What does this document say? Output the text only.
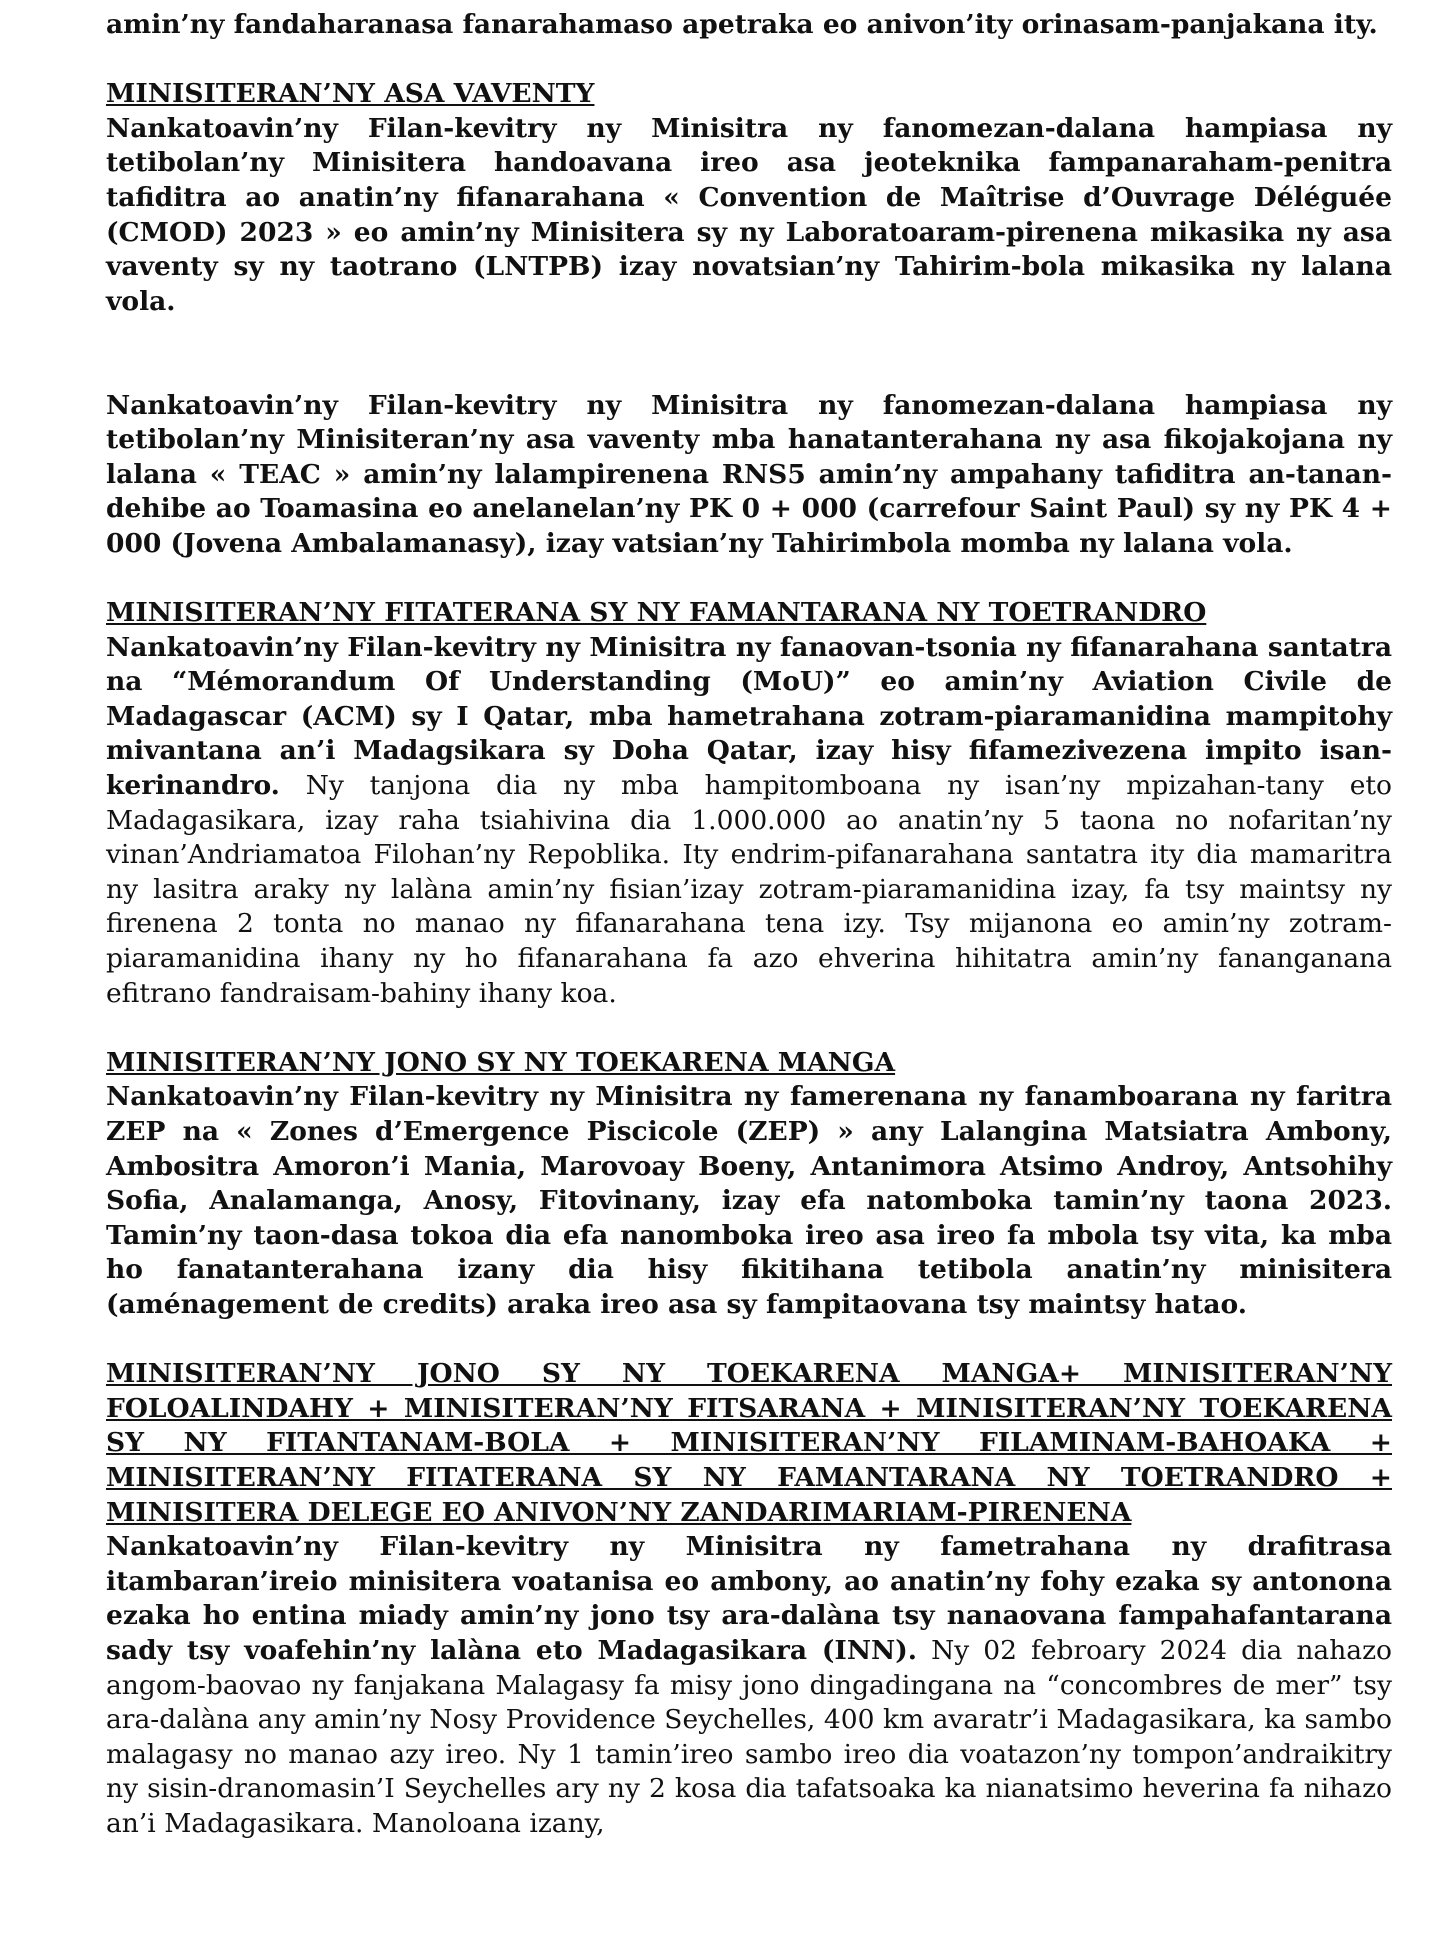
amin’ny fandaharanasa fanarahamaso apetraka eo anivon’ity orinasam-panjakana ity.

MINISITERAN’NY ASA VAVENTY

Nankatoavin’ny Filan-kevitry ny Minisitra ny fanomezan-dalana hampiasa ny tetibolan’ny Minisitera handoavana ireo asa jeoteknika fampanaraham-penitra tafiditra ao anatin’ny fifanarahana « Convention de Maîtrise d’Ouvrage Déléguée (CMOD) 2023 » eo amin’ny Minisitera sy ny Laboratoaram-pirenena mikasika ny asa vaventy sy ny taotrano (LNTPB) izay novatsian’ny Tahirim-bola mikasika ny lalana vola.

Nankatoavin’ny Filan-kevitry ny Minisitra ny fanomezan-dalana hampiasa ny tetibolan’ny Minisiteran’ny asa vaventy mba hanatanterahana ny asa fikojakojana ny lalana « TEAC » amin’ny lalampirenena RNS5 amin’ny ampahany tafiditra an-tanan-dehibe ao Toamasina eo anelanelan’ny PK 0 + 000 (carrefour Saint Paul) sy ny PK 4 + 000 (Jovena Ambalamanasy), izay vatsian’ny Tahirimbola momba ny lalana vola.

MINISITERAN’NY FITATERANA SY NY FAMANTARANA NY TOETRANDRO

Nankatoavin’ny Filan-kevitry ny Minisitra ny fanaovan-tsonia ny fifanarahana santatra na “Mémorandum Of Understanding (MoU)” eo amin’ny Aviation Civile de Madagascar (ACM) sy I Qatar, mba hametrahana zotram-piaramanidina mampitohy mivantana an’i Madagsikara sy Doha Qatar, izay hisy fifamezivezena impito isan-kerinandro. Ny tanjona dia ny mba hampitomboana ny isan’ny mpizahan-tany eto Madagasikara, izay raha tsiahivina dia 1.000.000 ao anatin’ny 5 taona no nofaritan’ny vinan’Andriamatoa Filohan’ny Repoblika. Ity endrim-pifanarahana santatra ity dia mamaritra ny lasitra araky ny lalàna amin’ny fisian’izay zotram-piaramanidina izay, fa tsy maintsy ny firenena 2 tonta no manao ny fifanarahana tena izy. Tsy mijanona eo amin’ny zotram-piaramanidina ihany ny ho fifanarahana fa azo ehverina hihitatra amin’ny fananganana efitrano fandraisam-bahiny ihany koa.

MINISITERAN’NY JONO SY NY TOEKARENA MANGA

Nankatoavin’ny Filan-kevitry ny Minisitra ny famerenana ny fanamboarana ny faritra ZEP na « Zones d’Emergence Piscicole (ZEP) » any Lalangina Matsiatra Ambony, Ambositra Amoron’i Mania, Marovoay Boeny, Antanimora Atsimo Androy, Antsohihy Sofia, Analamanga, Anosy, Fitovinany, izay efa natomboka tamin’ny taona 2023. Tamin’ny taon-dasa tokoa dia efa nanomboka ireo asa ireo fa mbola tsy vita, ka mba ho fanatanterahana izany dia hisy fikitihana tetibola anatin’ny minisitera (aménagement de credits) araka ireo asa sy fampitaovana tsy maintsy hatao.

MINISITERAN’NY JONO SY NY TOEKARENA MANGA+ MINISITERAN’NY FOLOALINDAHY + MINISITERAN’NY FITSARANA + MINISITERAN’NY TOEKARENA SY NY FITANTANAM-BOLA + MINISITERAN’NY FILAMINAM-BAHOAKA + MINISITERAN’NY FITATERANA SY NY FAMANTARANA NY TOETRANDRO + MINISITERA DELEGE EO ANIVON’NY ZANDARIMARIAM-PIRENENA

Nankatoavin’ny Filan-kevitry ny Minisitra ny fametrahana ny drafitrasa itambaran’ireio minisitera voatanisa eo ambony, ao anatin’ny fohy ezaka sy antonona ezaka ho entina miady amin’ny jono tsy ara-dalàna tsy nanaovana fampahafantarana sady tsy voafehin’ny lalàna eto Madagasikara (INN). Ny 02 febroary 2024 dia nahazo angom-baovao ny fanjakana Malagasy fa misy jono dingadingana na “concombres de mer” tsy ara-dalàna any amin’ny Nosy Providence Seychelles, 400 km avaratr’i Madagasikara, ka sambo malagasy no manao azy ireo. Ny 1 tamin’ireo sambo ireo dia voatazon’ny tompon’andraikitry ny sisin-dranomasin’I Seychelles ary ny 2 kosa dia tafatsoaka ka nianatsimo heverina fa nihazo an’i Madagasikara. Manoloana izany,
